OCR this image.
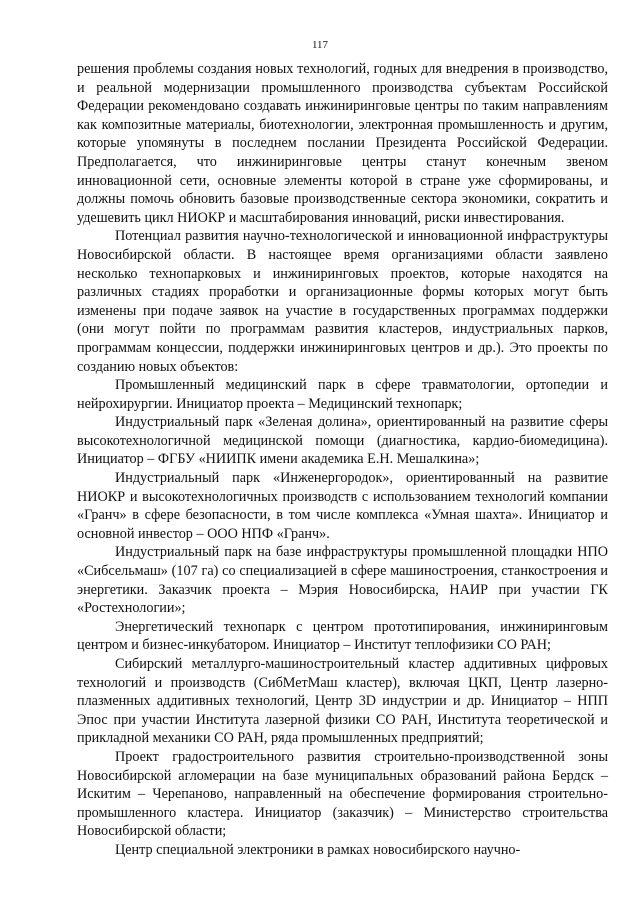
117

решения проблемы создания новых технологий, годных для внедрения в производство, и реальной модернизации промышленного производства субъектам Российской Федерации рекомендовано создавать инжиниринговые центры по таким направлениям как композитные материалы, биотехнологии, электронная промышленность и другим, которые упомянуты в последнем послании Президента Российской Федерации. Предполагается, что инжиниринговые центры станут конечным звеном инновационной сети, основные элементы которой в стране уже сформированы, и должны помочь обновить базовые производственные сектора экономики, сократить и удешевить цикл НИОКР и масштабирования инноваций, риски инвестирования.

Потенциал развития научно-технологической и инновационной инфраструктуры Новосибирской области. В настоящее время организациями области заявлено несколько технопарковых и инжиниринговых проектов, которые находятся на различных стадиях проработки и организационные формы которых могут быть изменены при подаче заявок на участие в государственных программах поддержки (они могут пойти по программам развития кластеров, индустриальных парков, программам концессии, поддержки инжиниринговых центров и др.). Это проекты по созданию новых объектов:

Промышленный медицинский парк в сфере травматологии, ортопедии и нейрохирургии. Инициатор проекта – Медицинский технопарк;

Индустриальный парк «Зеленая долина», ориентированный на развитие сферы высокотехнологичной медицинской помощи (диагностика, кардио-биомедицина). Инициатор – ФГБУ «НИИПК имени академика Е.Н. Мешалкина»;

Индустриальный парк «Инженергородок», ориентированный на развитие НИОКР и высокотехнологичных производств с использованием технологий компании «Гранч» в сфере безопасности, в том числе комплекса «Умная шахта». Инициатор и основной инвестор – ООО НПФ «Гранч».

Индустриальный парк на базе инфраструктуры промышленной площадки НПО «Сибсельмаш» (107 га) со специализацией в сфере машиностроения, станкостроения и энергетики. Заказчик проекта – Мэрия Новосибирска, НАИР при участии ГК «Ростехнологии»;

Энергетический технопарк с центром прототипирования, инжиниринговым центром и бизнес-инкубатором. Инициатор – Институт теплофизики СО РАН;

Сибирский металлурго-машиностроительный кластер аддитивных цифровых технологий и производств (СибМетМаш кластер), включая ЦКП, Центр лазерно-плазменных аддитивных технологий, Центр 3D индустрии и др. Инициатор – НПП Эпос при участии Института лазерной физики СО РАН, Института теоретической и прикладной механики СО РАН, ряда промышленных предприятий;

Проект градостроительного развития строительно-производственной зоны Новосибирской агломерации на базе муниципальных образований района Бердск – Искитим – Черепаново, направленный на обеспечение формирования строительно-промышленного кластера. Инициатор (заказчик) – Министерство строительства Новосибирской области;

Центр специальной электроники в рамках новосибирского научно-
